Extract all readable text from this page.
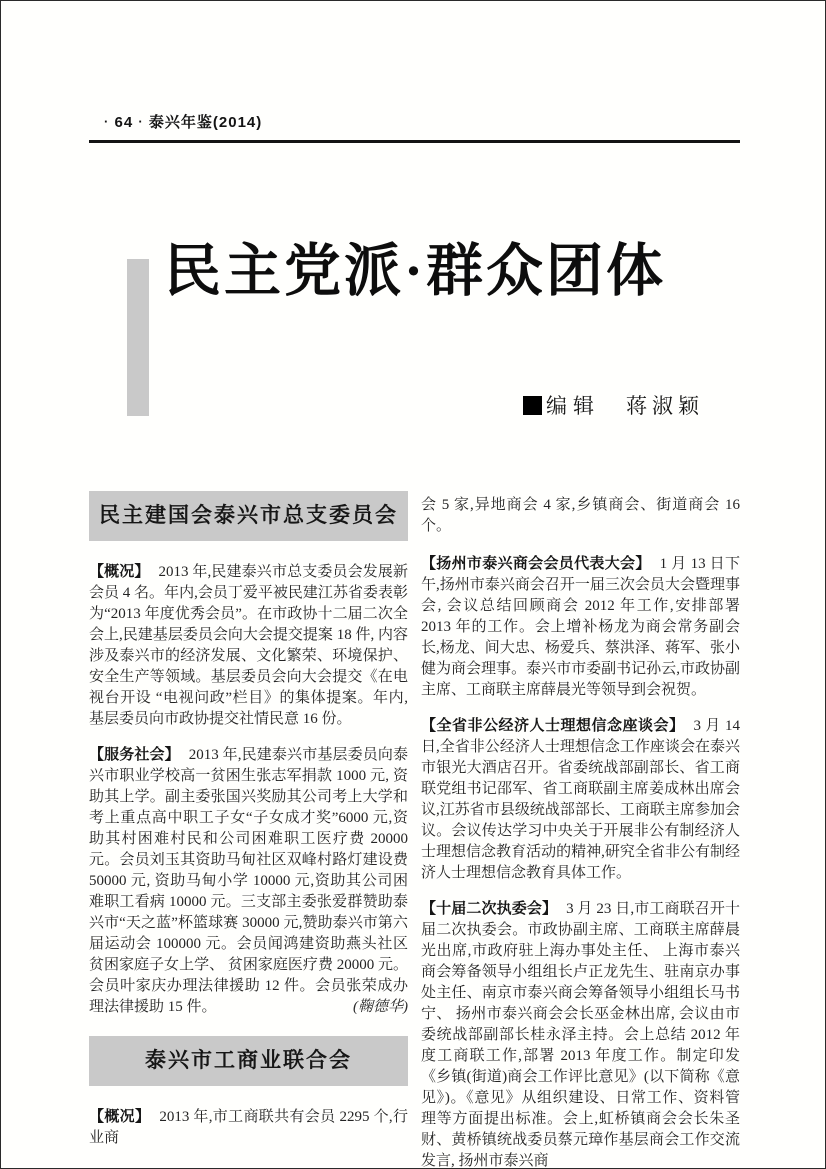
· 64 · 泰兴年鉴(2014)
民主党派·群众团体
编辑 蒋淑颖
民主建国会泰兴市总支委员会

【概况】 2013 年,民建泰兴市总支委员会发展新会员 4 名。年内,会员丁爱平被民建江苏省委表彰为“2013 年度优秀会员”。在市政协十二届二次全会上,民建基层委员会向大会提交提案 18 件, 内容涉及泰兴市的经济发展、文化繁荣、环境保护、安全生产等领域。基层委员会向大会提交《在电视台开设 “电视问政”栏目》的集体提案。年内,基层委员向市政协提交社情民意 16 份。

【服务社会】 2013 年,民建泰兴市基层委员向泰兴市职业学校高一贫困生张志军捐款 1000 元, 资助其上学。副主委张国兴奖励其公司考上大学和考上重点高中职工子女“子女成才奖”6000 元,资助其村困难村民和公司困难职工医疗费 20000 元。会员刘玉其资助马甸社区双峰村路灯建设费 50000 元, 资助马甸小学 10000 元,资助其公司困难职工看病 10000 元。三支部主委张爱群赞助泰兴市“天之蓝”杯篮球赛 30000 元,赞助泰兴市第六届运动会 100000 元。会员闻鸿建资助燕头社区贫困家庭子女上学、 贫困家庭医疗费 20000 元。会员叶家庆办理法律援助 12 件。会员张荣成办理法律援助 15 件。	(鞠德华)

泰兴市工商业联合会

【概况】 2013 年,市工商联共有会员 2295 个,行业商

会 5 家,异地商会 4 家,乡镇商会、街道商会 16 个。

【扬州市泰兴商会会员代表大会】 1 月 13 日下午,扬州市泰兴商会召开一届三次会员大会暨理事会, 会议总结回顾商会 2012 年工作,安排部署 2013 年的工作。会上增补杨龙为商会常务副会长,杨龙、间大忠、杨爱兵、蔡洪泽、蒋军、张小健为商会理事。泰兴市市委副书记孙云,市政协副主席、工商联主席薛晨光等领导到会祝贺。

【全省非公经济人士理想信念座谈会】 3 月 14 日,全省非公经济人士理想信念工作座谈会在泰兴市银光大酒店召开。省委统战部副部长、省工商联党组书记邵军、省工商联副主席姜成林出席会议,江苏省市县级统战部部长、工商联主席参加会议。会议传达学习中央关于开展非公有制经济人士理想信念教育活动的精神,研究全省非公有制经济人士理想信念教育具体工作。

【十届二次执委会】 3 月 23 日,市工商联召开十届二次执委会。市政协副主席、工商联主席薛晨光出席,市政府驻上海办事处主任、 上海市泰兴商会筹备领导小组组长卢正龙先生、驻南京办事处主任、南京市泰兴商会筹备领导小组组长马书宁、 扬州市泰兴商会会长巫金林出席, 会议由市委统战部副部长桂永泽主持。会上总结 2012 年度工商联工作,部署 2013 年度工作。制定印发《乡镇(街道)商会工作评比意见》(以下简称《意见》)。《意见》从组织建设、日常工作、资料管理等方面提出标准。会上,虹桥镇商会会长朱圣财、黄桥镇统战委员蔡元璋作基层商会工作交流发言, 扬州市泰兴商
